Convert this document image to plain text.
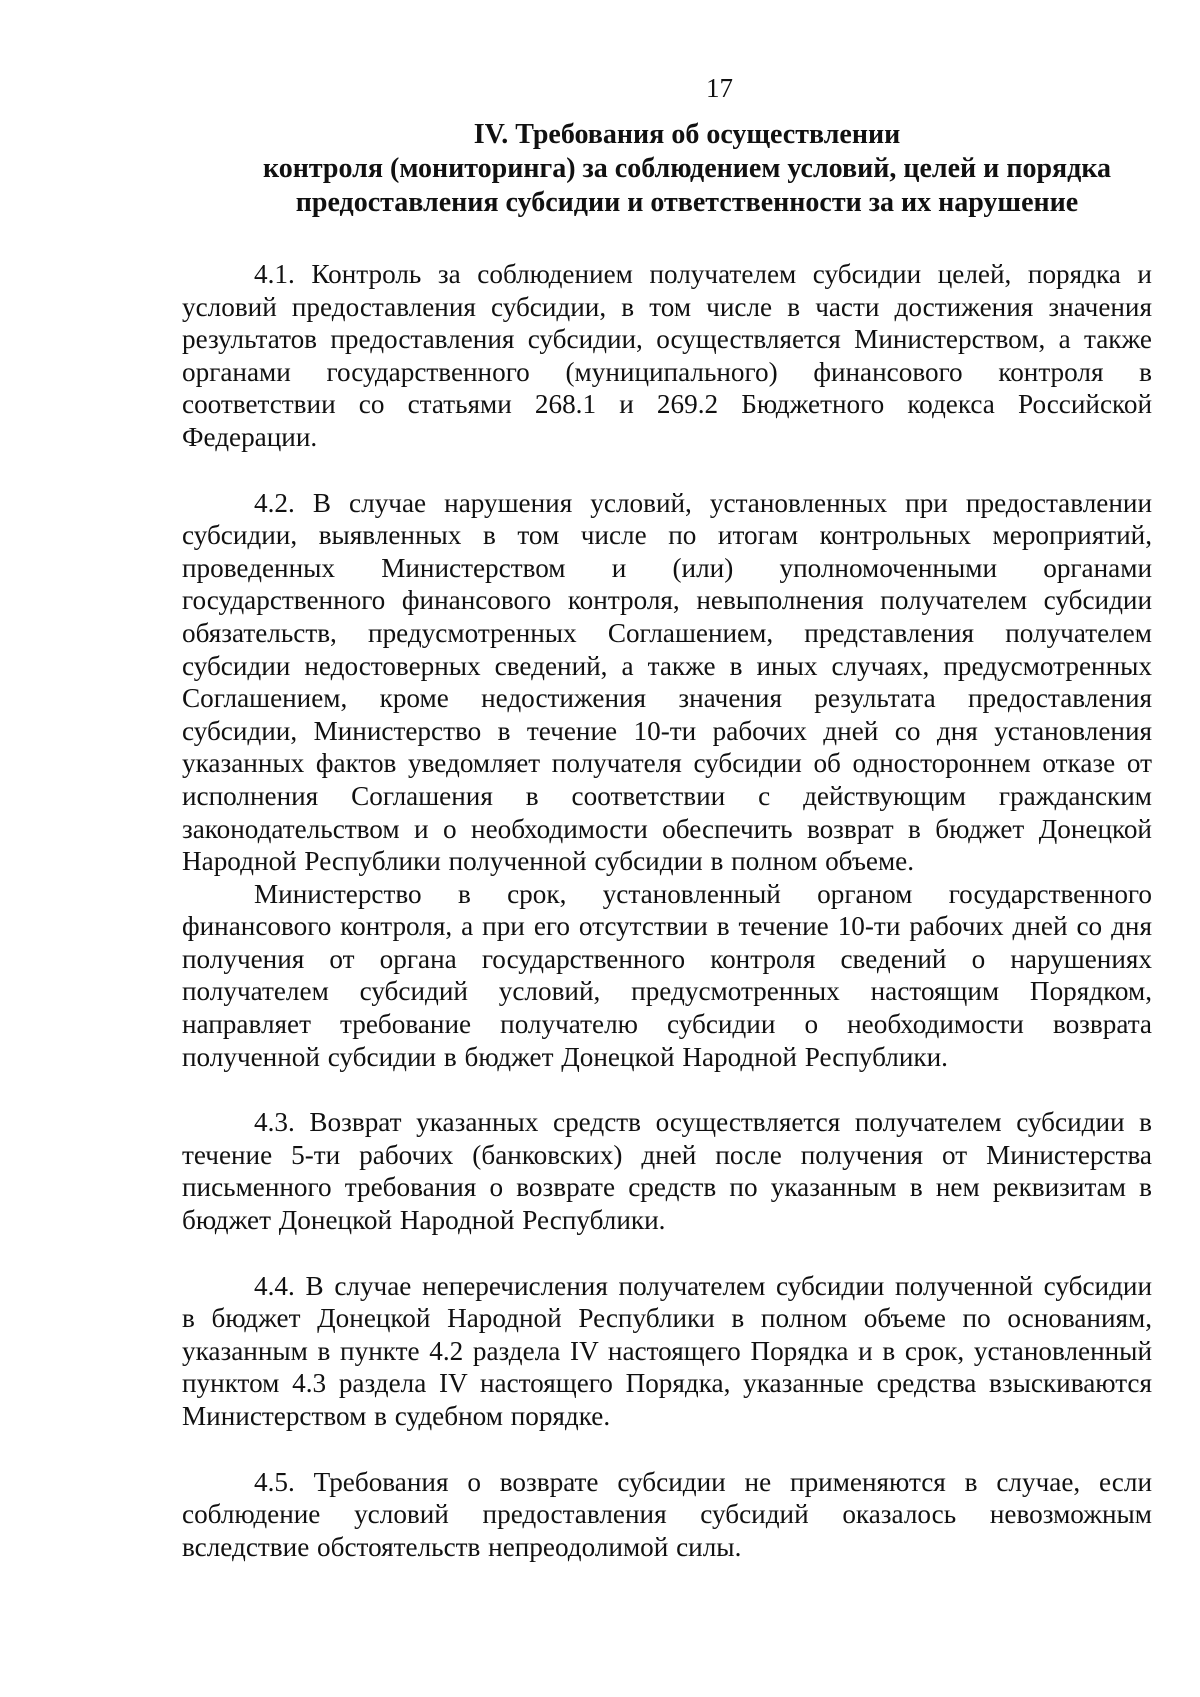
17
IV. Требования об осуществлении
контроля (мониторинга) за соблюдением условий, целей и порядка
предоставления субсидии и ответственности за их нарушение

4.1. Контроль за соблюдением получателем субсидии целей, порядка и условий предоставления субсидии, в том числе в части достижения значения результатов предоставления субсидии, осуществляется Министерством, а также органами государственного (муниципального) финансового контроля в соответствии со статьями 268.1 и 269.2 Бюджетного кодекса Российской Федерации.

4.2. В случае нарушения условий, установленных при предоставлении субсидии, выявленных в том числе по итогам контрольных мероприятий, проведенных Министерством и (или) уполномоченными органами государственного финансового контроля, невыполнения получателем субсидии обязательств, предусмотренных Соглашением, представления получателем субсидии недостоверных сведений, а также в иных случаях, предусмотренных Соглашением, кроме недостижения значения результата предоставления субсидии, Министерство в течение 10-ти рабочих дней со дня установления указанных фактов уведомляет получателя субсидии об одностороннем отказе от исполнения Соглашения в соответствии с действующим гражданским законодательством и о необходимости обеспечить возврат в бюджет Донецкой Народной Республики полученной субсидии в полном объеме.

Министерство в срок, установленный органом государственного финансового контроля, а при его отсутствии в течение 10-ти рабочих дней со дня получения от органа государственного контроля сведений о нарушениях получателем субсидий условий, предусмотренных настоящим Порядком, направляет требование получателю субсидии о необходимости возврата полученной субсидии в бюджет Донецкой Народной Республики.

4.3. Возврат указанных средств осуществляется получателем субсидии в течение 5-ти рабочих (банковских) дней после получения от Министерства письменного требования о возврате средств по указанным в нем реквизитам в бюджет Донецкой Народной Республики.

4.4. В случае неперечисления получателем субсидии полученной субсидии в бюджет Донецкой Народной Республики в полном объеме по основаниям, указанным в пункте 4.2 раздела IV настоящего Порядка и в срок, установленный пунктом 4.3 раздела IV настоящего Порядка, указанные средства взыскиваются Министерством в судебном порядке.

4.5. Требования о возврате субсидии не применяются в случае, если соблюдение условий предоставления субсидий оказалось невозможным вследствие обстоятельств непреодолимой силы.
